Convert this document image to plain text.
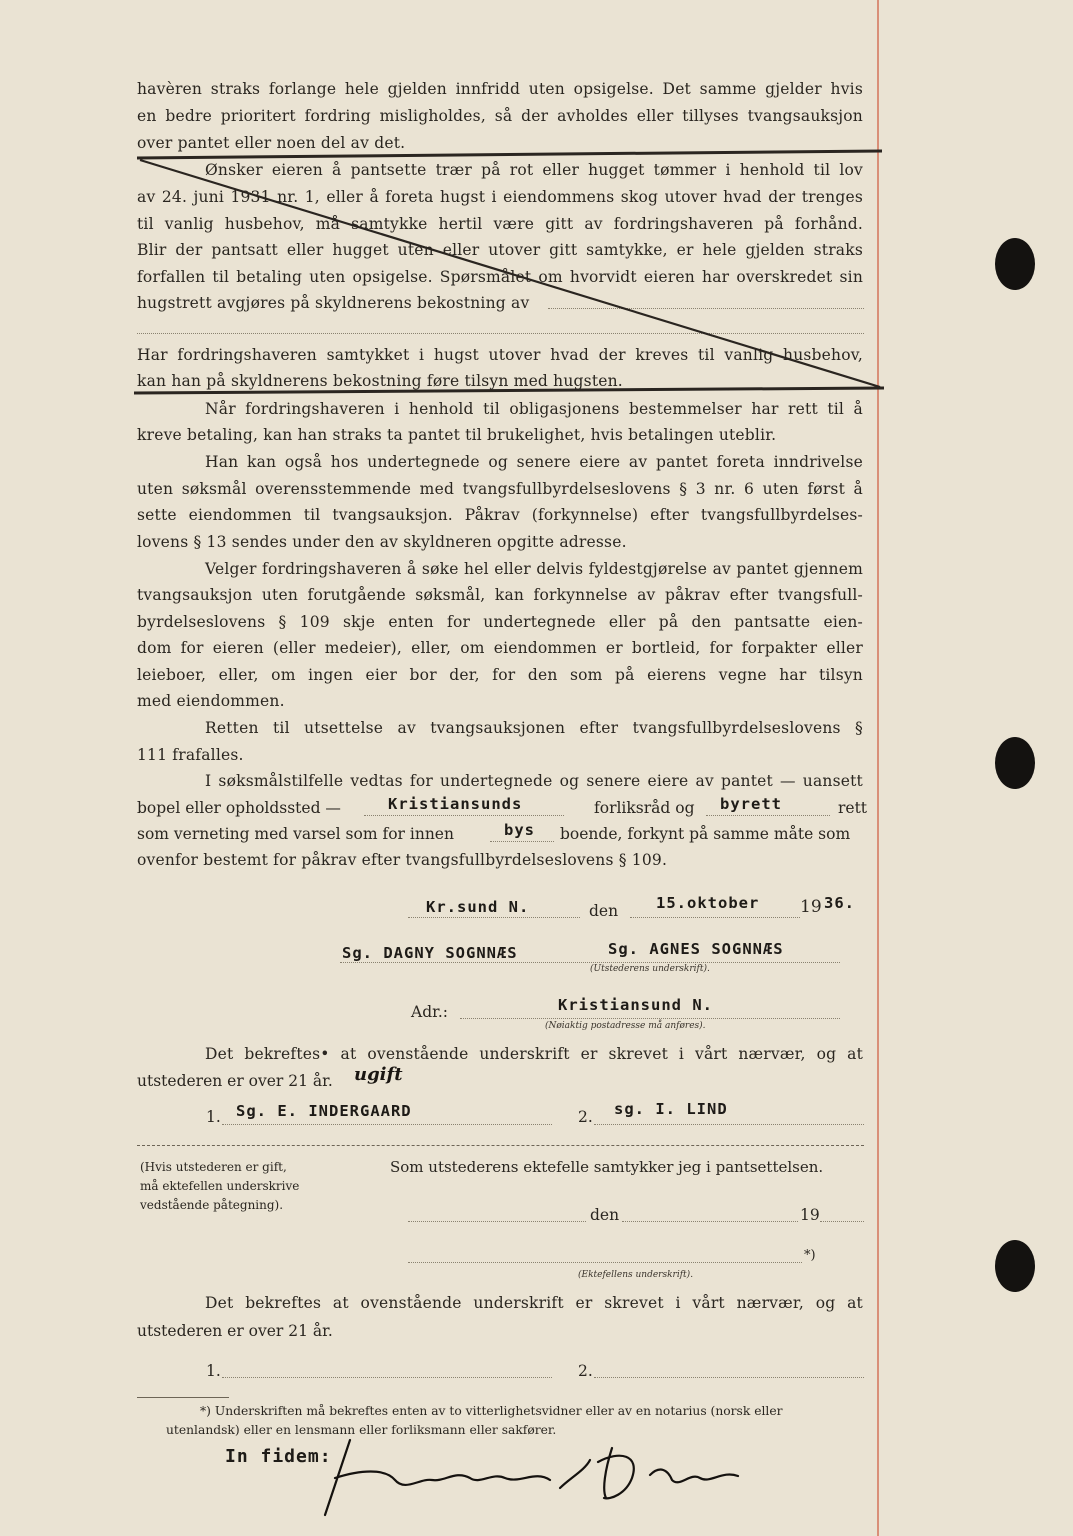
havèren straks forlange hele gjelden innfridd uten opsigelse. Det samme gjelder hvis
en bedre prioritert fordring misligholdes, så der avholdes eller tillyses tvangsauksjon
over pantet eller noen del av det.
Ønsker eieren å pantsette trær på rot eller hugget tømmer i henhold til lov
av 24. juni 1931 nr. 1, eller å foreta hugst i eiendommens skog utover hvad der trenges
til vanlig husbehov, må samtykke hertil være gitt av fordringshaveren på forhånd.
Blir der pantsatt eller hugget uten eller utover gitt samtykke, er hele gjelden straks
forfallen til betaling uten opsigelse. Spørsmålet om hvorvidt eieren har overskredet sin
hugstrett avgjøres på skyldnerens bekostning av
Har fordringshaveren samtykket i hugst utover hvad der kreves til vanlig husbehov,
kan han på skyldnerens bekostning føre tilsyn med hugsten.
Når fordringshaveren i henhold til obligasjonens bestemmelser har rett til å
kreve betaling, kan han straks ta pantet til brukelighet, hvis betalingen uteblir.
Han kan også hos undertegnede og senere eiere av pantet foreta inndrivelse
uten søksmål overensstemmende med tvangsfullbyrdelseslovens § 3 nr. 6 uten først å
sette eiendommen til tvangsauksjon. Påkrav (forkynnelse) efter tvangsfullbyrdelses-
lovens § 13 sendes under den av skyldneren opgitte adresse.
Velger fordringshaveren å søke hel eller delvis fyldestgjørelse av pantet gjennem
tvangsauksjon uten forutgående søksmål, kan forkynnelse av påkrav efter tvangsfull-
byrdelseslovens § 109 skje enten for undertegnede eller på den pantsatte eien-
dom for eieren (eller medeier), eller, om eiendommen er bortleid, for forpakter eller
leieboer, eller, om ingen eier bor der, for den som på eierens vegne har tilsyn
med eiendommen.
Retten til utsettelse av tvangsauksjonen efter tvangsfullbyrdelseslovens §
111 frafalles.
I søksmålstilfelle vedtas for undertegnede og senere eiere av pantet — uansett
bopel eller opholdssted —	Kristiansunds	forliksråd og byrett	rett
som verneting med varsel som for innen	bys boende, forkynt på samme måte som
ovenfor bestemt for påkrav efter tvangsfullbyrdelseslovens § 109.
Kr.sund N.	den 15.oktober 19 36.
Sg. DAGNY SOGNNÆS	Sg. AGNES SOGNNÆS
(Utstederens underskrift).
Adr.:	Kristiansund N.
(Nøiaktig postadresse må anføres).
Det bekreftes• at ovenstående underskrift er skrevet i vårt nærvær, og at
utstederen er over 21 år. ugift
1. Sg. E. INDERGAARD	2. sg. I. LIND
(Hvis utstederen er gift,
må ektefellen underskrive
vedstående påtegning).
Som utstederens ektefelle samtykker jeg i pantsettelsen.
den	19
*)
(Ektefellens underskrift).
Det bekreftes at ovenstående underskrift er skrevet i vårt nærvær, og at
utstederen er over 21 år.
1.	2.
*) Underskriften må bekreftes enten av to vitterlighetsvidner eller av en notarius (norsk eller
utenlandsk) eller en lensmann eller forliksmann eller sakfører.
In fidem:
